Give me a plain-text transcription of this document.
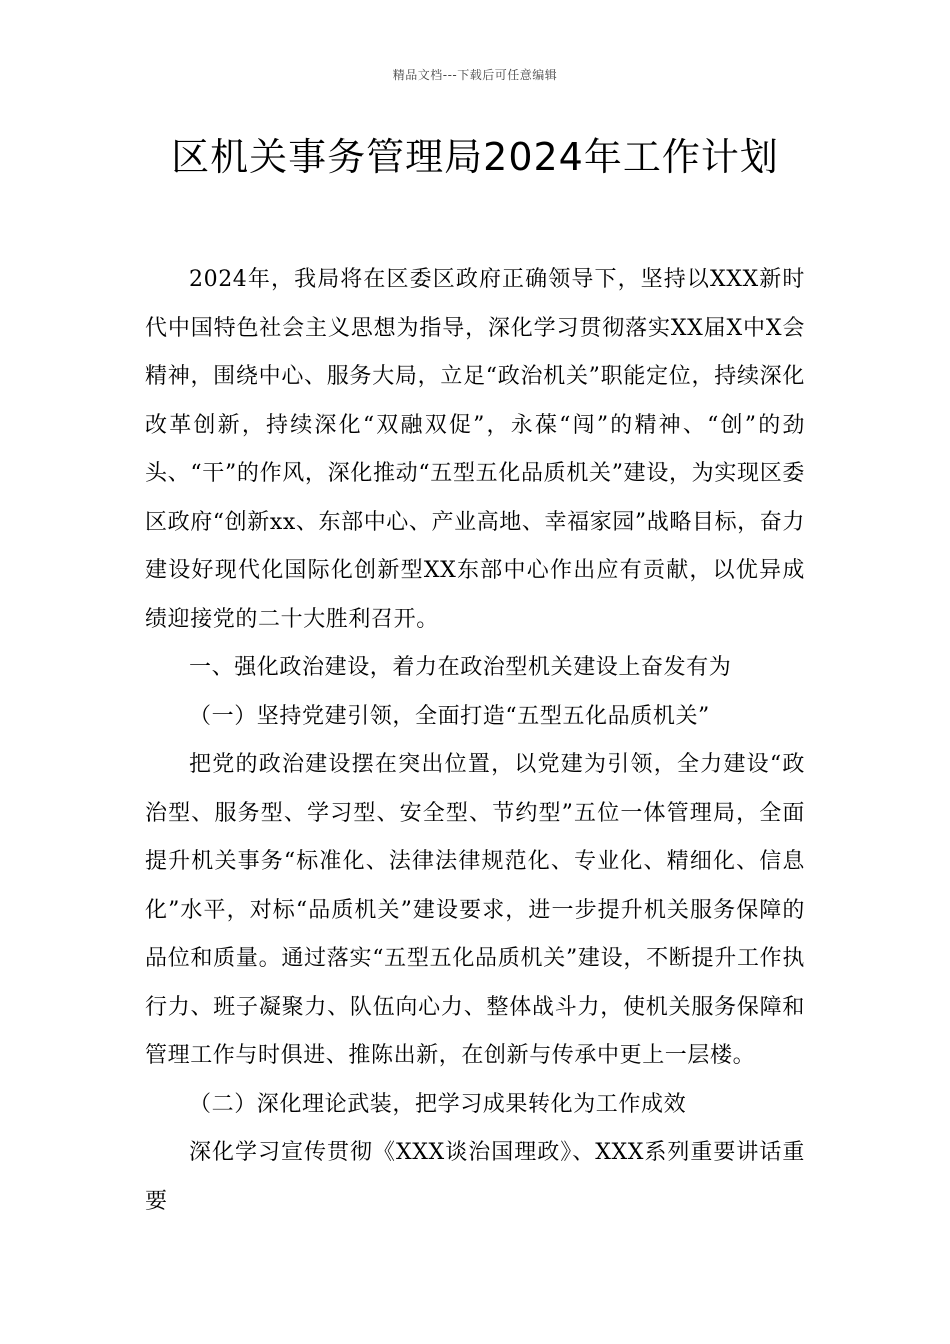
精品文档---下载后可任意编辑
区机关事务管理局2024年工作计划

2024年，我局将在区委区政府正确领导下，坚持以XXX新时代中国特色社会主义思想为指导，深化学习贯彻落实XX届X中X会精神，围绕中心、服务大局，立足“政治机关”职能定位，持续深化改革创新，持续深化“双融双促”，永葆“闯”的精神、“创”的劲头、“干”的作风，深化推动“五型五化品质机关”建设，为实现区委区政府“创新xx、东部中心、产业高地、幸福家园”战略目标，奋力建设好现代化国际化创新型XX东部中心作出应有贡献，以优异成绩迎接党的二十大胜利召开。

一、强化政治建设，着力在政治型机关建设上奋发有为

（一）坚持党建引领，全面打造“五型五化品质机关”

把党的政治建设摆在突出位置，以党建为引领，全力建设“政治型、服务型、学习型、安全型、节约型”五位一体管理局，全面提升机关事务“标准化、法律法律规范化、专业化、精细化、信息化”水平，对标“品质机关”建设要求，进一步提升机关服务保障的品位和质量。通过落实“五型五化品质机关”建设，不断提升工作执行力、班子凝聚力、队伍向心力、整体战斗力，使机关服务保障和管理工作与时俱进、推陈出新，在创新与传承中更上一层楼。

（二）深化理论武装，把学习成果转化为工作成效

深化学习宣传贯彻《XXX谈治国理政》、XXX系列重要讲话重要
